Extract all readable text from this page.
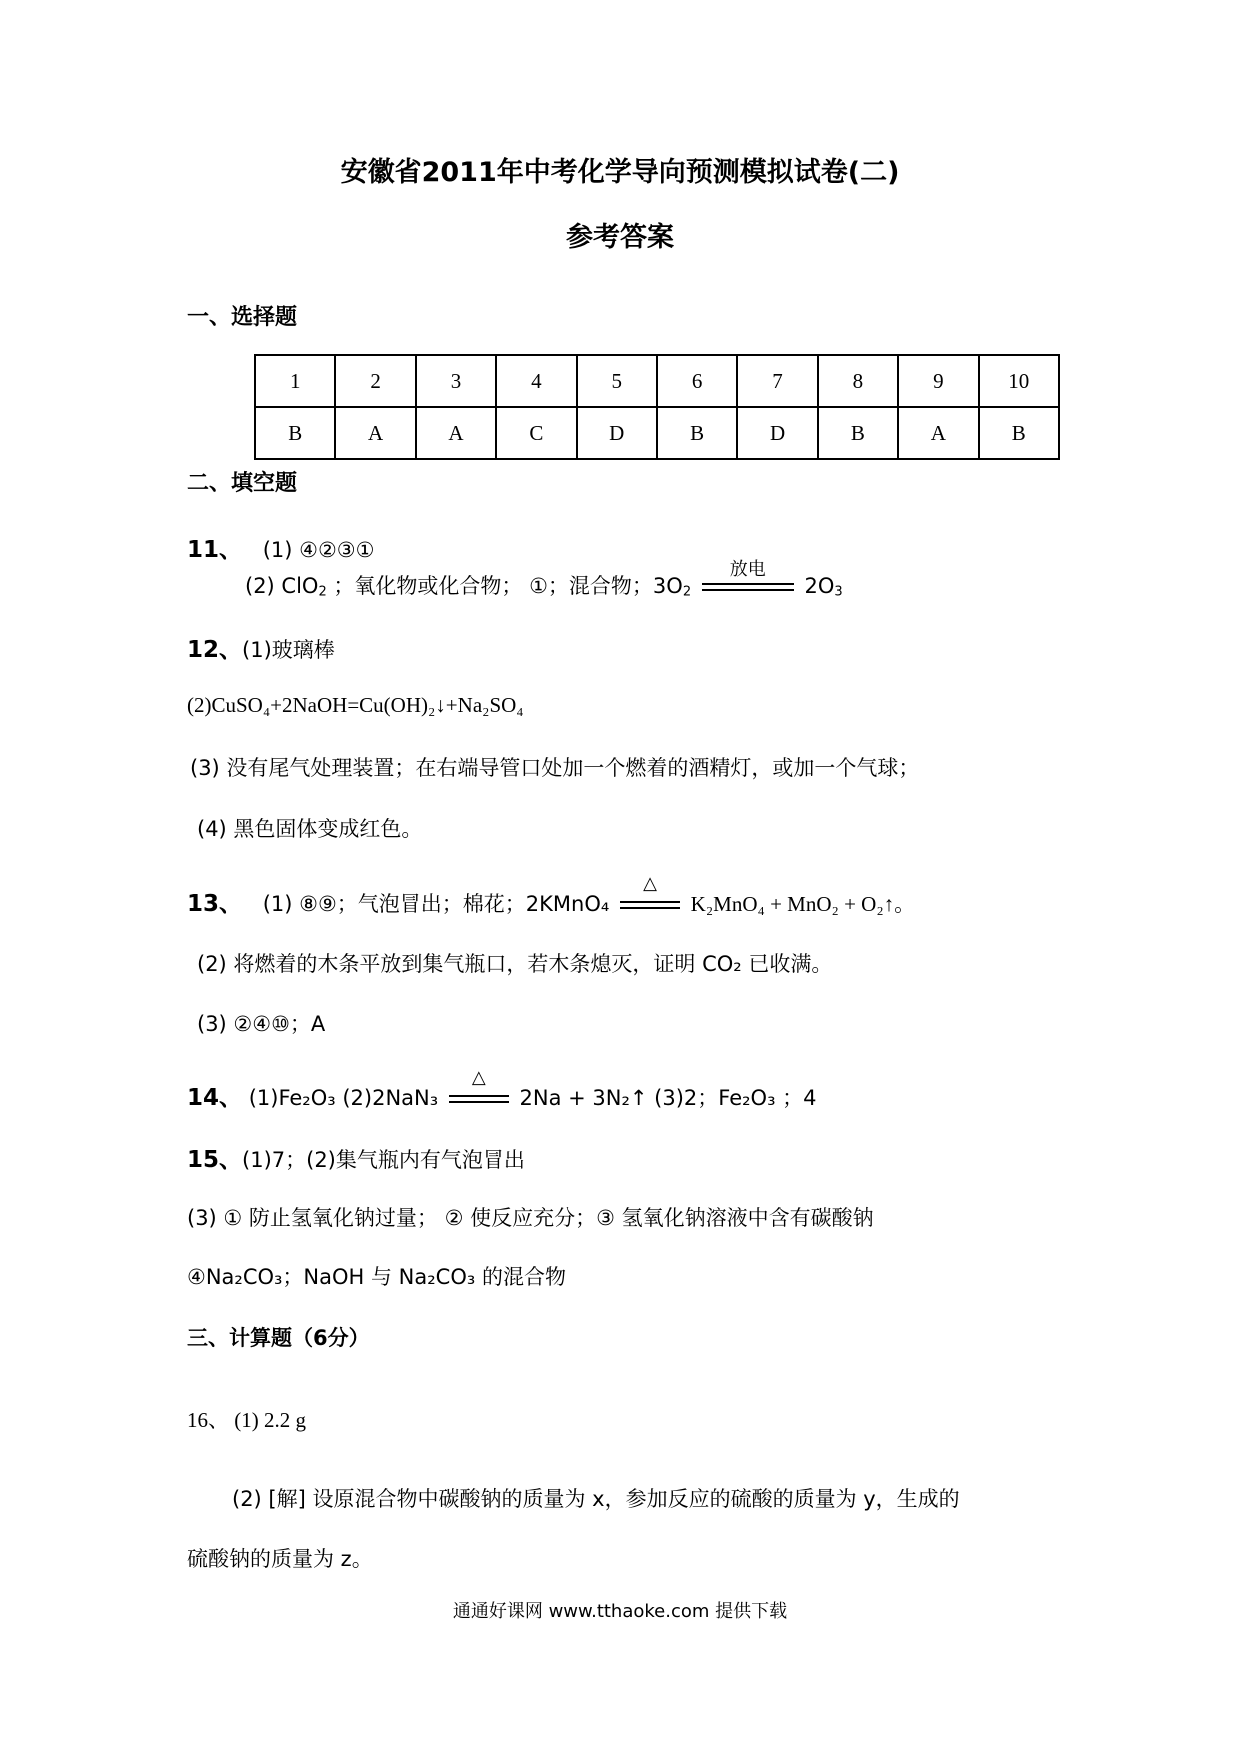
安徽省2011年中考化学导向预测模拟试卷(二)
参考答案
一、选择题
1	2	3	4	5	6	7	8	9	10
B	A	A	C	D	B	D	B	A	B
二、填空题
11、 (1) ④②③①
(2) ClO$_2$ ；氧化物或化合物； ①；混合物；$3O_2$
放电
$2O_3$
12、(1)玻璃棒
(2)CuSO₄+2NaOH=Cu(OH)₂↓+Na₂SO₄
(3) 没有尾气处理装置；在右端导管口处加一个燃着的酒精灯，或加一个气球；
(4) 黑色固体变成红色。
13、 (1) ⑧⑨；气泡冒出；棉花；2KMnO₄
△
K₂MnO₄ + MnO₂ + O₂↑。
(2) 将燃着的木条平放到集气瓶口，若木条熄灭，证明 CO₂ 已收满。
(3) ②④⑩；A
14、 (1)Fe₂O₃ (2)2NaN₃
△
2Na + 3N₂↑ (3)2；Fe₂O₃ ；4
15、(1)7；(2)集气瓶内有气泡冒出
(3) ① 防止氢氧化钠过量； ② 使反应充分；③ 氢氧化钠溶液中含有碳酸钠
④Na₂CO₃；NaOH 与 Na₂CO₃ 的混合物
三、计算题（6分）
16、 (1) 2.2 g
(2) [解] 设原混合物中碳酸钠的质量为 x，参加反应的硫酸的质量为 y，生成的
硫酸钠的质量为 z。
通通好课网 www.tthaoke.com 提供下载
